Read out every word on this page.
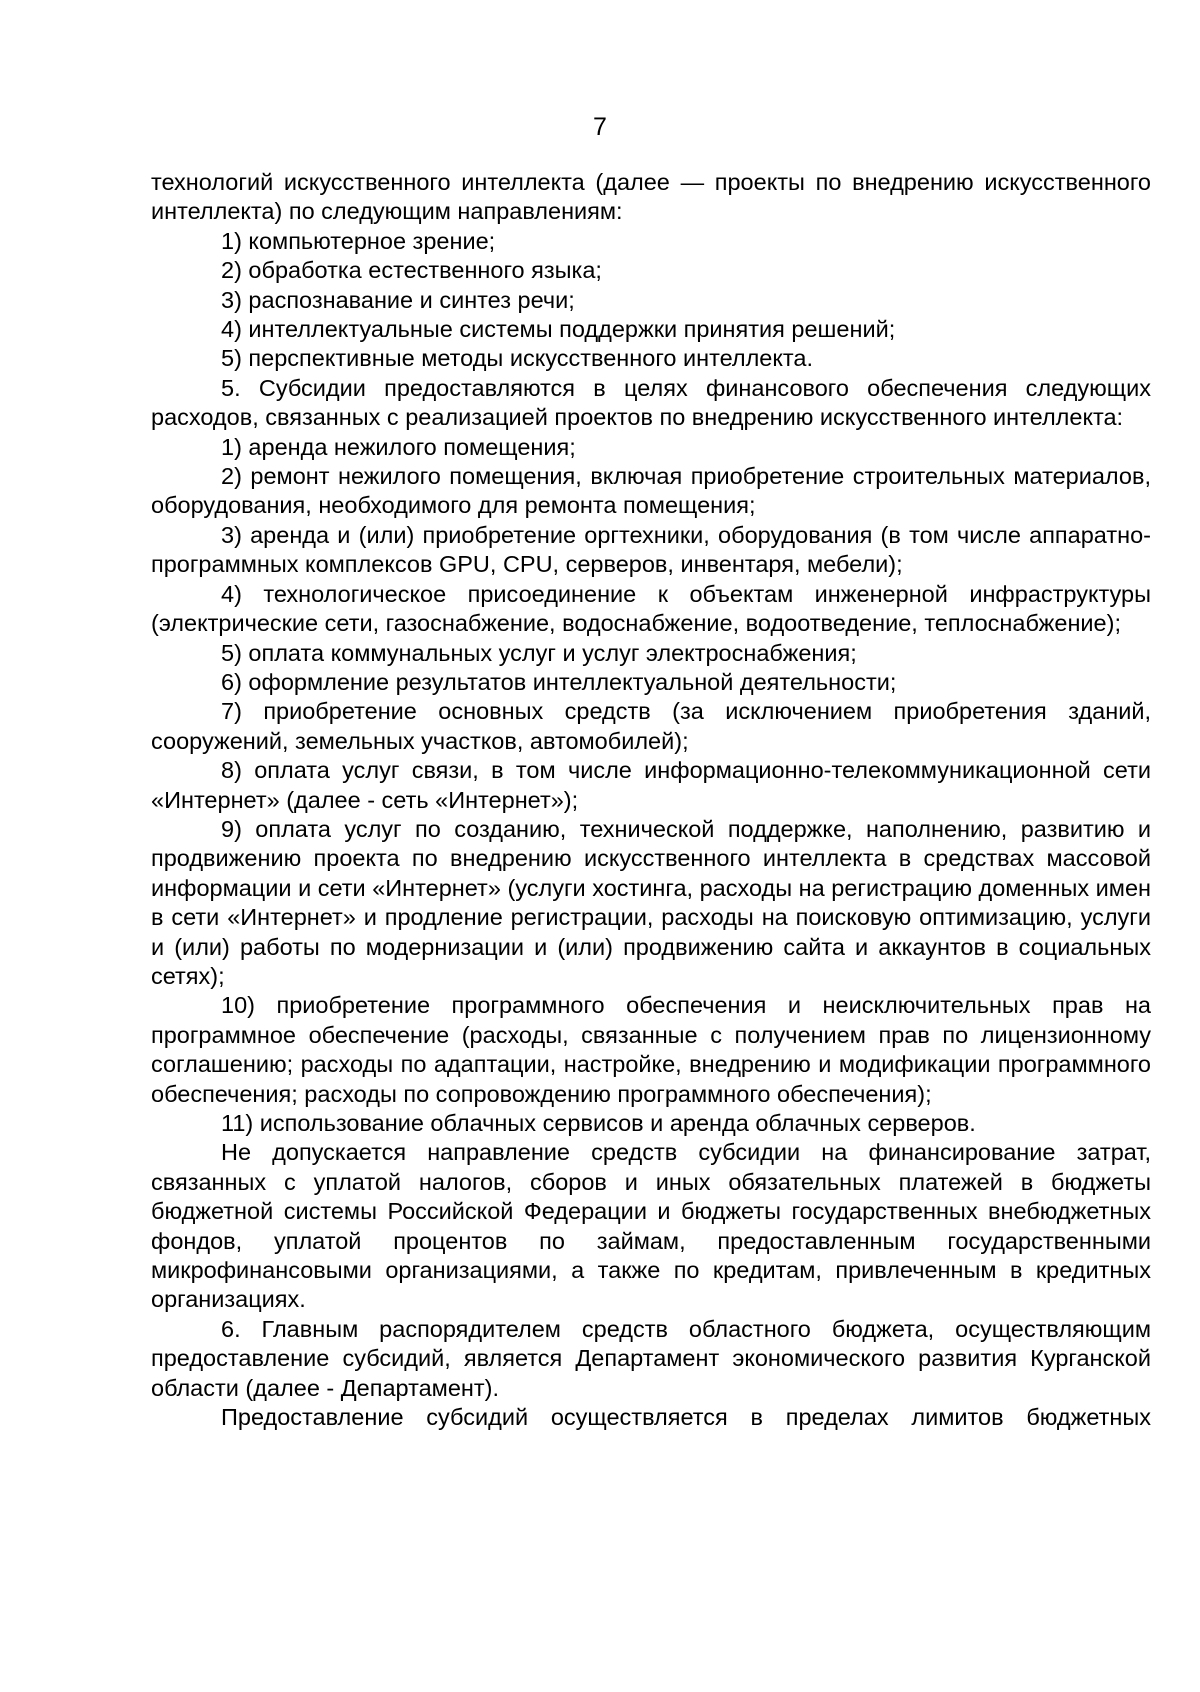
7

технологий искусственного интеллекта (далее — проекты по внедрению искусственного интеллекта) по следующим направлениям:

1) компьютерное зрение;

2) обработка естественного языка;

3) распознавание и синтез речи;

4) интеллектуальные системы поддержки принятия решений;

5) перспективные методы искусственного интеллекта.

5. Субсидии предоставляются в целях финансового обеспечения следующих расходов, связанных с реализацией проектов по внедрению искусственного интеллекта:

1) аренда нежилого помещения;

2) ремонт нежилого помещения, включая приобретение строительных материалов, оборудования, необходимого для ремонта помещения;

3) аренда и (или) приобретение оргтехники, оборудования (в том числе аппаратно-программных комплексов GPU, CPU, серверов, инвентаря, мебели);

4) технологическое присоединение к объектам инженерной инфраструктуры (электрические сети, газоснабжение, водоснабжение, водоотведение, теплоснабжение);

5) оплата коммунальных услуг и услуг электроснабжения;

6) оформление результатов интеллектуальной деятельности;

7) приобретение основных средств (за исключением приобретения зданий, сооружений, земельных участков, автомобилей);

8) оплата услуг связи, в том числе информационно-телекоммуникационной сети «Интернет» (далее - сеть «Интернет»);

9) оплата услуг по созданию, технической поддержке, наполнению, развитию и продвижению проекта по внедрению искусственного интеллекта в средствах массовой информации и сети «Интернет» (услуги хостинга, расходы на регистрацию доменных имен в сети «Интернет» и продление регистрации, расходы на поисковую оптимизацию, услуги и (или) работы по модернизации и (или) продвижению сайта и аккаунтов в социальных сетях);

10) приобретение программного обеспечения и неисключительных прав на программное обеспечение (расходы, связанные с получением прав по лицензионному соглашению; расходы по адаптации, настройке, внедрению и модификации программного обеспечения; расходы по сопровождению программного обеспечения);

11) использование облачных сервисов и аренда облачных серверов.

Не допускается направление средств субсидии на финансирование затрат, связанных с уплатой налогов, сборов и иных обязательных платежей в бюджеты бюджетной системы Российской Федерации и бюджеты государственных внебюджетных фондов, уплатой процентов по займам, предоставленным государственными микрофинансовыми организациями, а также по кредитам, привлеченным в кредитных организациях.

6. Главным распорядителем средств областного бюджета, осуществляющим предоставление субсидий, является Департамент экономического развития Курганской области (далее - Департамент).

Предоставление субсидий осуществляется в пределах лимитов бюджетных
